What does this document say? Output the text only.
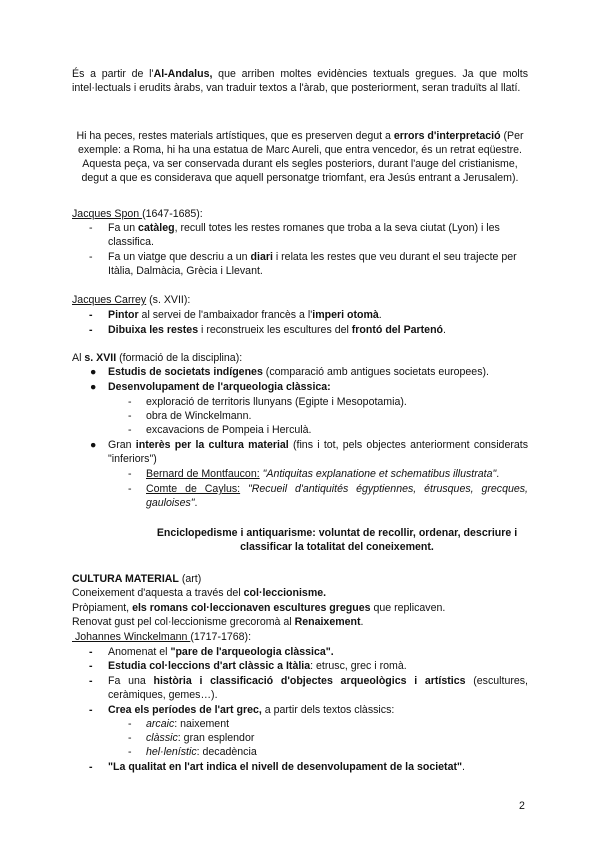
És a partir de l'Al-Andalus, que arriben moltes evidències textuals gregues. Ja que molts intel·lectuals i erudits àrabs, van traduir textos a l'àrab, que posteriorment, seran traduïts al llatí.

Hi ha peces, restes materials artístiques, que es preserven degut a errors d'interpretació (Per exemple: a Roma, hi ha una estatua de Marc Aureli, que entra vencedor, és un retrat eqüestre. Aquesta peça, va ser conservada durant els segles posteriors, durant l'auge del cristianisme, degut a que es considerava que aquell personatge triomfant, era Jesús entrant a Jerusalem).

Jacques Spon (1647-1685):
- Fa un catàleg, recull totes les restes romanes que troba a la seva ciutat (Lyon) i les classifica.

- Fa un viatge que descriu a un diari i relata les restes que veu durant el seu trajecte per Itàlia, Dalmàcia, Grècia i Llevant.

Jacques Carrey (s. XVII):
- Pintor al servei de l'ambaixador francès a l'imperi otomà.

- Dibuixa les restes i reconstrueix les escultures del frontó del Partenó.

Al s. XVII (formació de la disciplina):
● Estudis de societats indígenes (comparació amb antigues societats europees).
● Desenvolupament de l'arqueologia clàssica:
- exploració de territoris llunyans (Egipte i Mesopotamia).
- obra de Winckelmann.
- excavacions de Pompeia i Herculà.
● Gran interès per la cultura material (fins i tot, pels objectes anteriorment considerats "inferiors")

- Bernard de Montfaucon: "Antiquitas explanatione et schematibus illustrata".

- Comte de Caylus: "Recueil d'antiquités égyptiennes, étrusques, grecques, gauloises".

Enciclopedisme i antiquarisme: voluntat de recollir, ordenar, descriure i classificar la totalitat del coneixement.

CULTURA MATERIAL (art)
Coneixement d'aquesta a través del col·leccionisme.
Pròpiament, els romans col·leccionaven escultures gregues que replicaven.
Renovat gust pel col·leccionisme grecoromà al Renaixement.
Johannes Winckelmann (1717-1768):
- Anomenat el "pare de l'arqueologia clàssica".
- Estudia col·leccions d'art clàssic a Itàlia: etrusc, grec i romà.
- Fa una història i classificació d'objectes arqueològics i artístics (escultures, ceràmiques, gemes…).

- Crea els períodes de l'art grec, a partir dels textos clàssics:
- arcaic: naixement
- clàssic: gran esplendor
- hel·lenístic: decadència
- "La qualitat en l'art indica el nivell de desenvolupament de la societat".
2
